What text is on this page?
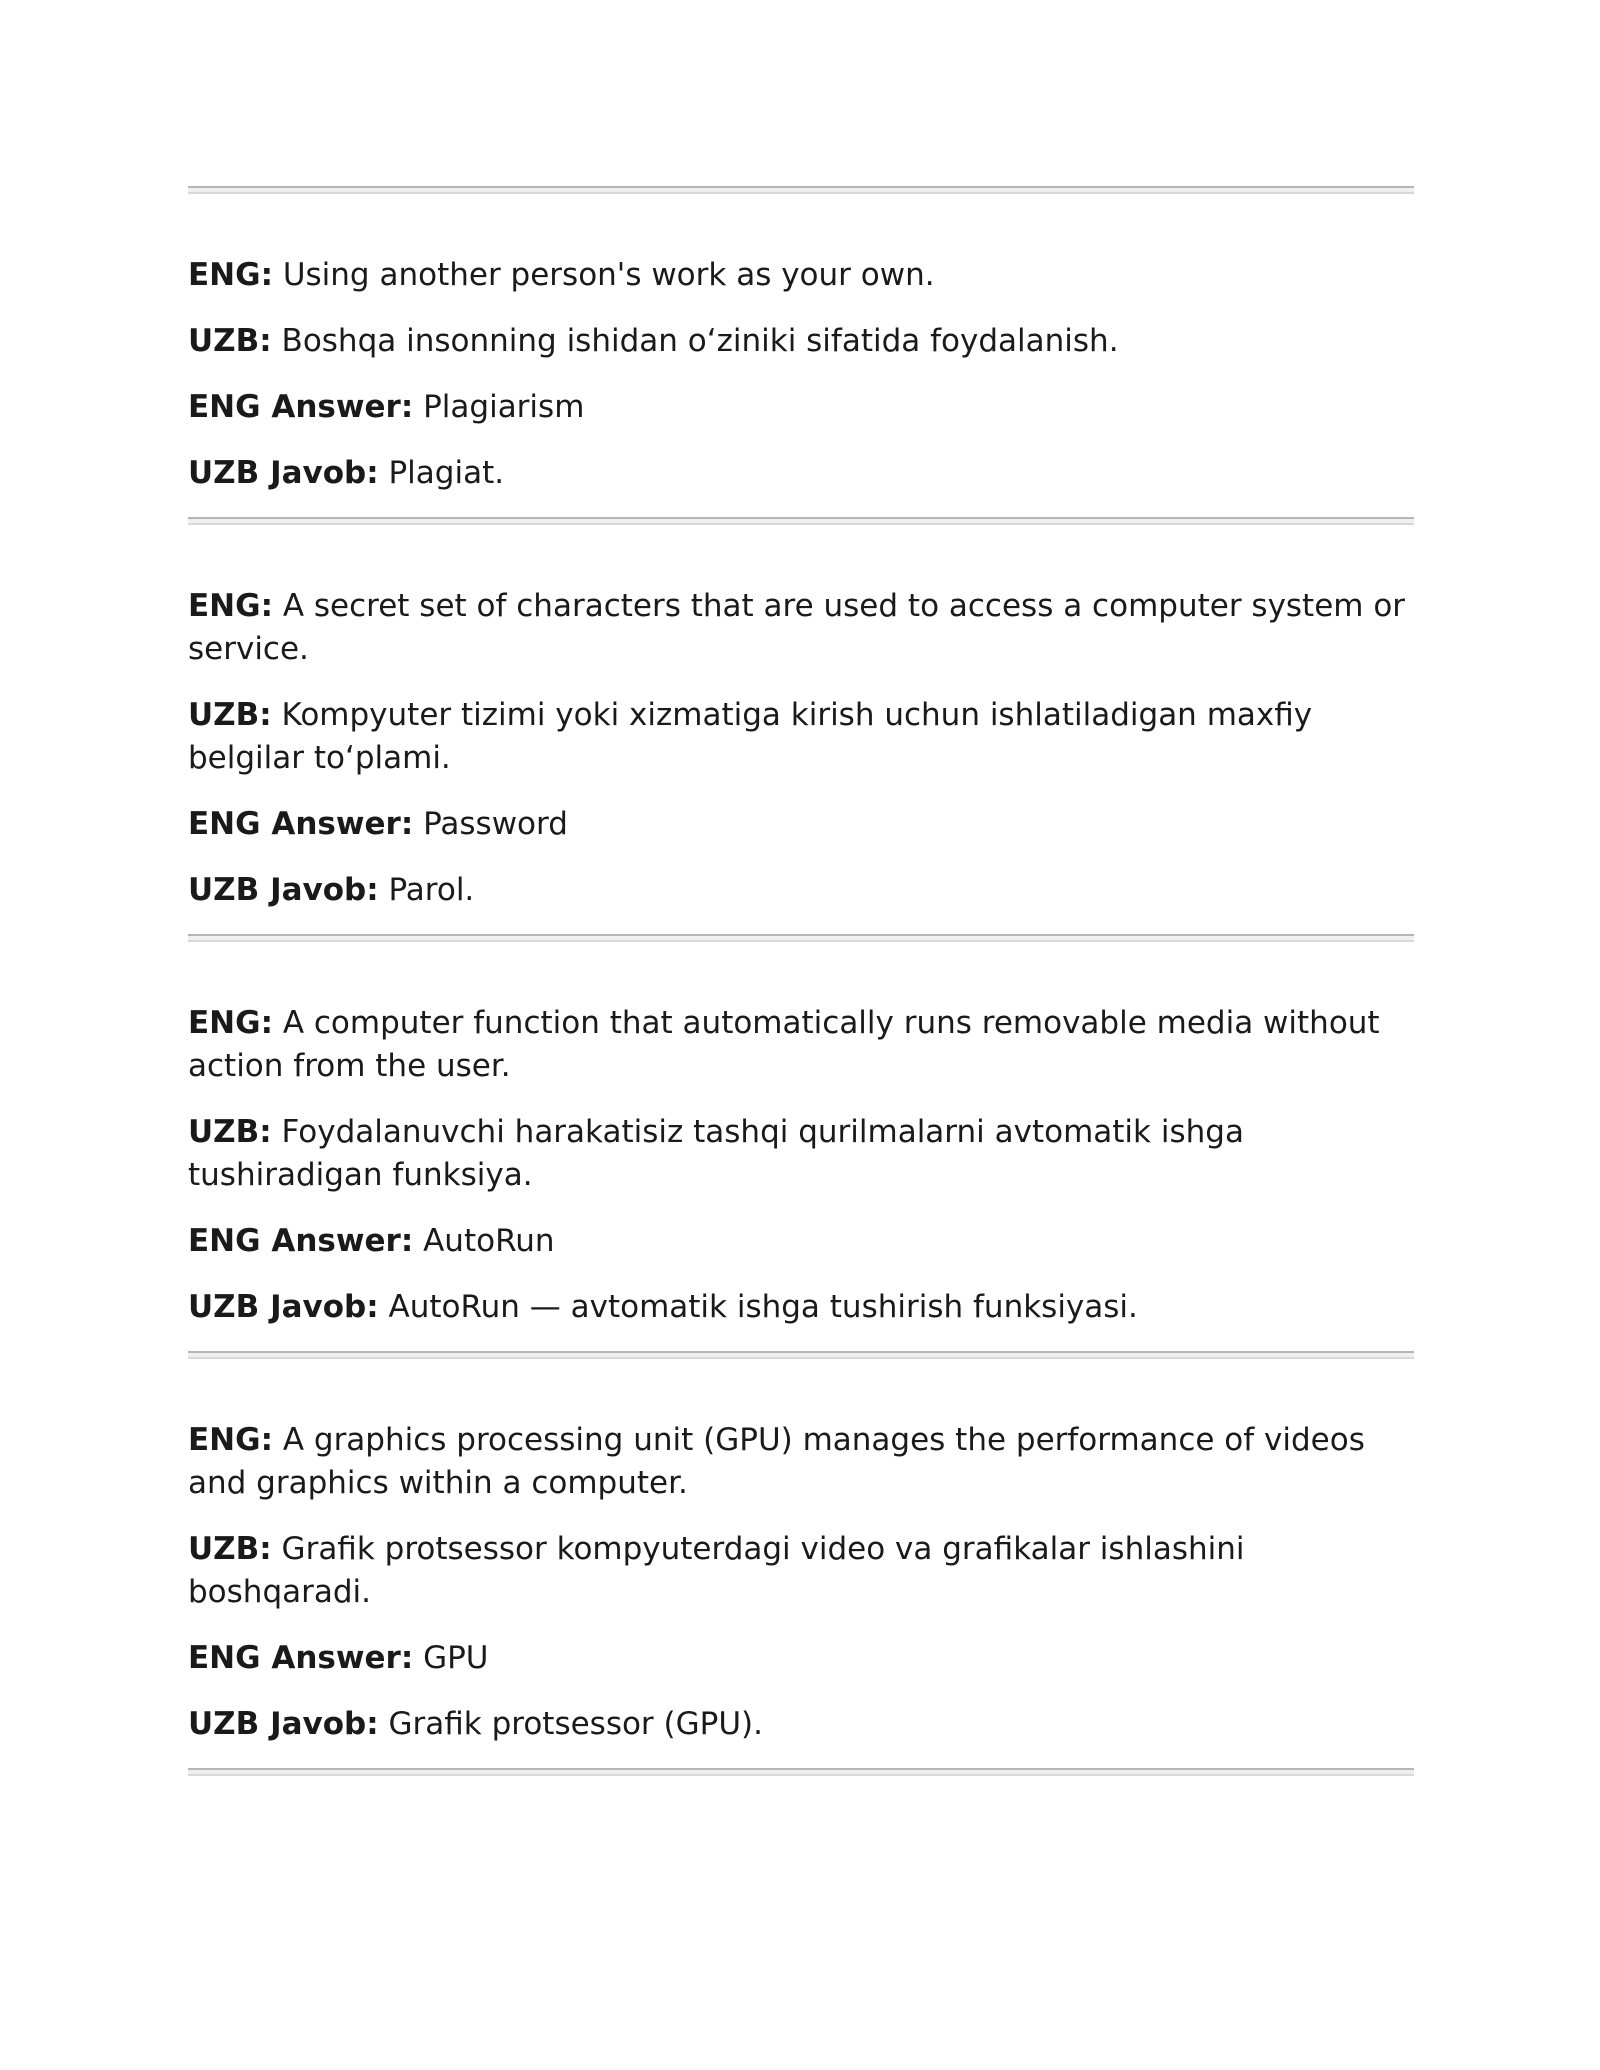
ENG: Using another person's work as your own.

UZB: Boshqa insonning ishidan o‘ziniki sifatida foydalanish.

ENG Answer: Plagiarism

UZB Javob: Plagiat.

ENG: A secret set of characters that are used to access a computer system or service.

UZB: Kompyuter tizimi yoki xizmatiga kirish uchun ishlatiladigan maxfiy belgilar to‘plami.

ENG Answer: Password

UZB Javob: Parol.

ENG: A computer function that automatically runs removable media without action from the user.

UZB: Foydalanuvchi harakatisiz tashqi qurilmalarni avtomatik ishga tushiradigan funksiya.

ENG Answer: AutoRun

UZB Javob: AutoRun — avtomatik ishga tushirish funksiyasi.

ENG: A graphics processing unit (GPU) manages the performance of videos and graphics within a computer.

UZB: Grafik protsessor kompyuterdagi video va grafikalar ishlashini boshqaradi.

ENG Answer: GPU

UZB Javob: Grafik protsessor (GPU).
